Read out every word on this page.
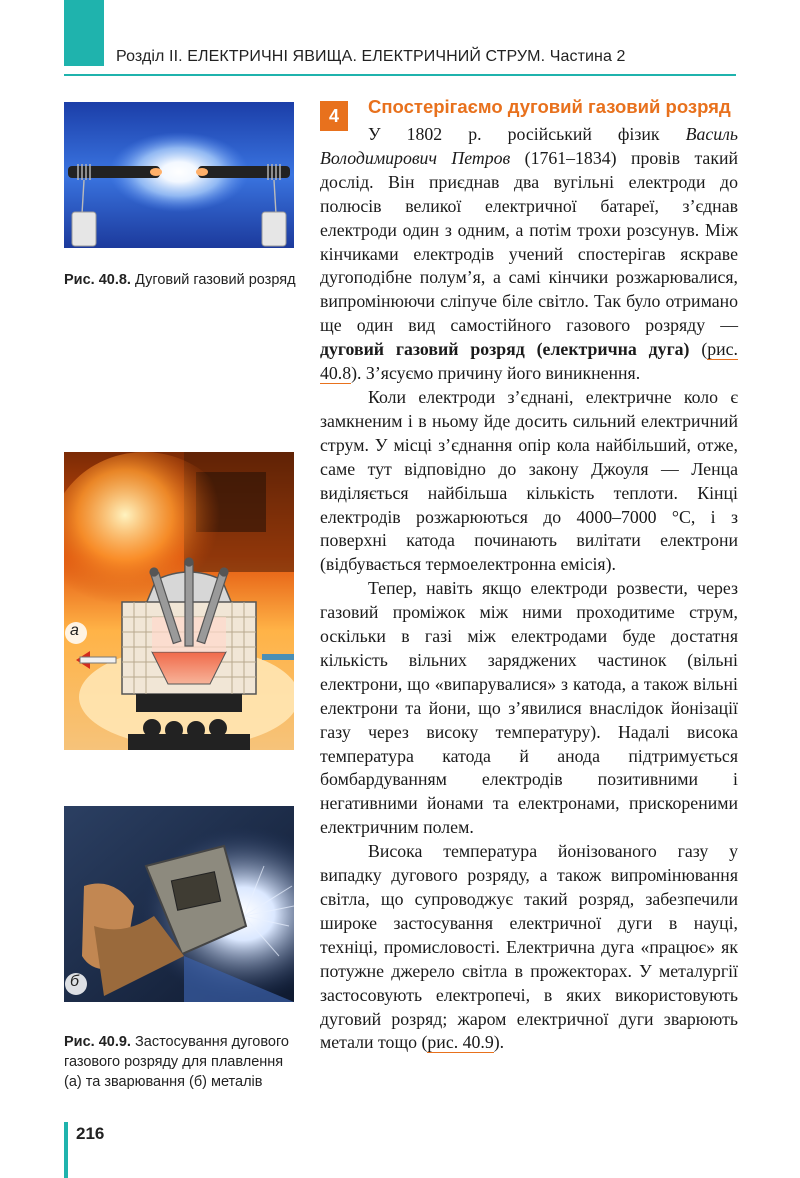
Розділ ІІ. ЕЛЕКТРИЧНІ ЯВИЩА. ЕЛЕКТРИЧНИЙ СТРУМ. Частина 2
Рис. 40.8. Дуговий газовий розряд
а
б
Рис. 40.9. Застосування дугового газового розряду для плавлення (а) та зварювання (б) металів
4	Спостерігаємо дуговий газовий розряд

У 1802 р. російський фізик Василь Володимирович Петров (1761–1834) провів такий дослід. Він приєднав два вугільні електроди до полюсів великої електричної батареї, з’єднав електроди один з одним, а потім трохи розсунув. Між кінчиками електродів учений спостерігав яскраве дугоподібне полум’я, а самі кінчики розжарювалися, випромінюючи сліпуче біле світло. Так було отримано ще один вид самостійного газового розряду — дуговий газовий розряд (електрична дуга) (рис. 40.8). З’ясуємо причину його виникнення.

Коли електроди з’єднані, електричне коло є замкненим і в ньому йде досить сильний електричний струм. У місці з’єднання опір кола найбільший, отже, саме тут відповідно до закону Джоуля — Ленца виділяється найбільша кількість теплоти. Кінці електродів розжарюються до 4000–7000 °С, і з поверхні катода починають вилітати електрони (відбувається термоелектронна емісія).

Тепер, навіть якщо електроди розвести, через газовий проміжок між ними проходитиме струм, оскільки в газі між електродами буде достатня кількість вільних заряджених частинок (вільні електрони, що «випарувалися» з катода, а також вільні електрони та йони, що з’явилися внаслідок йонізації газу через високу температуру). Надалі висока температура катода й анода підтримується бомбардуванням електродів позитивними і негативними йонами та електронами, прискореними електричним полем.

Висока температура йонізованого газу у випадку дугового розряду, а також випромінювання світла, що супроводжує такий розряд, забезпечили широке застосування електричної дуги в науці, техніці, промисловості. Електрична дуга «працює» як потужне джерело світла в прожекторах. У металургії застосовують електропечі, в яких використовують дуговий розряд; жаром електричної дуги зварюють метали тощо (рис. 40.9).

216
